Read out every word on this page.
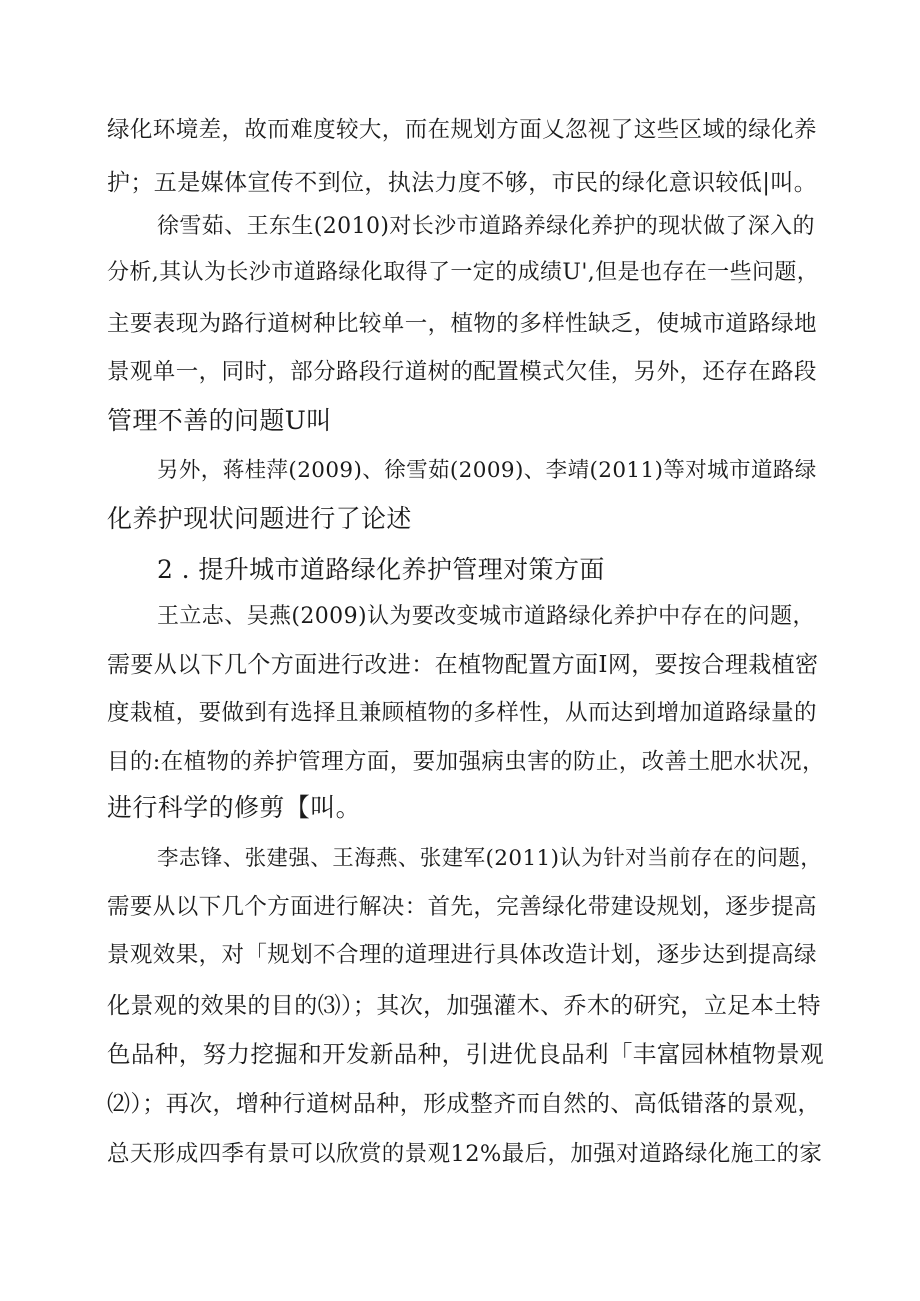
绿化环境差，故而难度较大，而在规划方面乂忽视了这些区域的绿化养
护；五是媒体宣传不到位，执法力度不够，市民的绿化意识较低|叫。
徐雪茹、王东生(2010)对长沙市道路养绿化养护的现状做了深入的
分析,其认为长沙市道路绿化取得了一定的成绩U',但是也存在一些问题，
主要表现为路行道树种比较单一，植物的多样性缺乏，使城市道路绿地
景观单一，同时，部分路段行道树的配置模式欠佳，另外，还存在路段
管理不善的问题U叫
另外，蒋桂萍(2009)、徐雪茹(2009)、李靖(2011)等对城市道路绿
化养护现状问题进行了论述
2 . 提升城市道路绿化养护管理对策方面
王立志、吴燕(2009)认为要改变城市道路绿化养护中存在的问题，
需要从以下几个方面进行改进：在植物配置方面I网，要按合理栽植密
度栽植，要做到有选择且兼顾植物的多样性，从而达到增加道路绿量的
目的:在植物的养护管理方面，要加强病虫害的防止，改善土肥水状况，
进行科学的修剪【叫。
李志锋、张建强、王海燕、张建军(2011)认为针对当前存在的问题，
需要从以下几个方面进行解决：首先，完善绿化带建设规划，逐步提高
景观效果，对「规划不合理的道理进行具体改造计划，逐步达到提高绿
化景观的效果的目的⑶）；其次，加强灌木、乔木的研究，立足本土特
色品种，努力挖掘和开发新品种，引进优良品利「丰富园林植物景观
⑵）；再次，增种行道树品种，形成整齐而自然的、高低错落的景观，
总天形成四季有景可以欣赏的景观12%最后，加强对道路绿化施工的家
